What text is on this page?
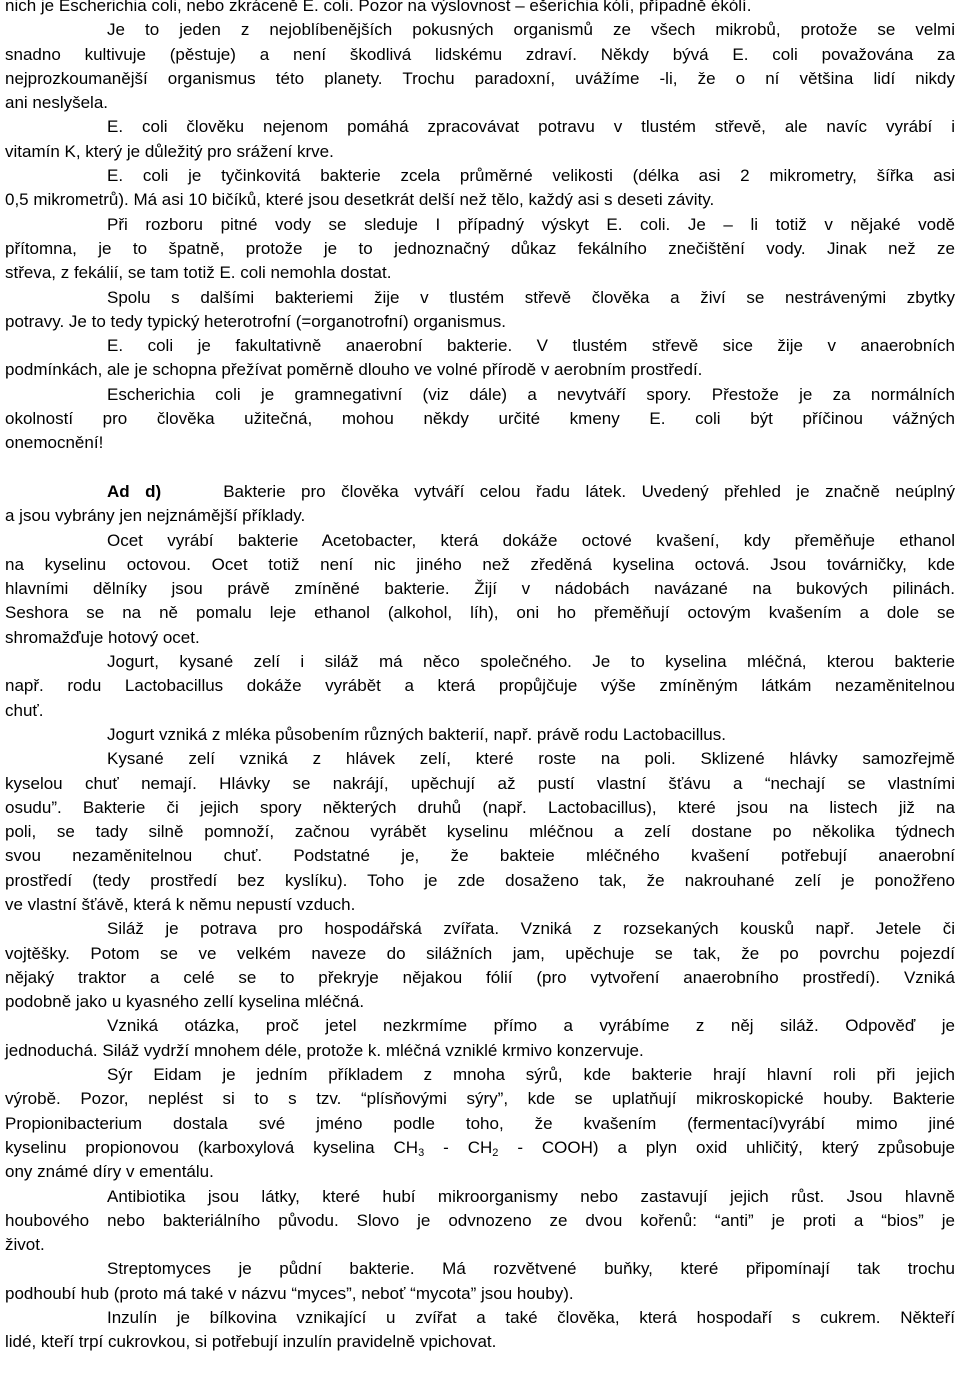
nich je Escherichia coli, nebo zkráceně E. coli. Pozor na výslovnost – ešeríchia kólí, případně ékólí.
Je to jeden z nejoblíbenějších pokusných organismů ze všech mikrobů, protože se velmi
snadno kultivuje (pěstuje) a není škodlivá lidskému zdraví. Někdy bývá E. coli považována za
nejprozkoumanější organismus této planety. Trochu paradoxní, uvážíme -li, že o ní většina lidí nikdy
ani neslyšela.
E. coli člověku nejenom pomáhá zpracovávat potravu v tlustém střevě, ale navíc vyrábí i
vitamín K, který je důležitý pro srážení krve.
E. coli je tyčinkovitá bakterie zcela průměrné velikosti (délka asi 2 mikrometry, šířka asi
0,5 mikrometrů). Má asi 10 bičíků, které jsou desetkrát delší než tělo, každý asi s deseti závity.
Při rozboru pitné vody se sleduje I případný výskyt E. coli. Je – li totiž v nějaké vodě
přítomna, je to špatně, protože je to jednoznačný důkaz fekálního znečištění vody. Jinak než ze
střeva, z fekálií, se tam totiž E. coli nemohla dostat.
Spolu s dalšími bakteriemi žije v tlustém střevě člověka a živí se nestrávenými zbytky
potravy. Je to tedy typický heterotrofní (=organotrofní) organismus.
E. coli je fakultativně anaerobní bakterie. V tlustém střevě sice žije v anaerobních
podmínkách, ale je schopna přežívat poměrně dlouho ve volné přírodě v aerobním prostředí.
Escherichia coli je gramnegativní (viz dále) a nevytváří spory. Přestože je za normálních
okolností pro člověka užitečná, mohou někdy určité kmeny E. coli být příčinou vážných
onemocnění!
Ad d)	Bakterie pro člověka vytváří celou řadu látek. Uvedený přehled je značně neúplný
a jsou vybrány jen nejznámější příklady.
Ocet vyrábí bakterie Acetobacter, která dokáže octové kvašení, kdy přeměňuje ethanol
na kyselinu octovou. Ocet totiž není nic jiného než zředěná kyselina octová. Jsou továrničky, kde
hlavními dělníky jsou právě zmíněné bakterie. Žijí v nádobách navázané na bukových pilinách.
Seshora se na ně pomalu leje ethanol (alkohol, líh), oni ho přeměňují octovým kvašením a dole se
shromažďuje hotový ocet.
Jogurt, kysané zelí i siláž má něco společného. Je to kyselina mléčná, kterou bakterie
např. rodu Lactobacillus dokáže vyrábět a která propůjčuje výše zmíněným látkám nezaměnitelnou
chuť.
Jogurt vzniká z mléka působením různých bakterií, např. právě rodu Lactobacillus.
Kysané zelí vzniká z hlávek zelí, které roste na poli. Sklizené hlávky samozřejmě
kyselou chuť nemají. Hlávky se nakrájí, upěchují až pustí vlastní šťávu a “nechají se vlastními
osudu”. Bakterie či jejich spory některých druhů (např. Lactobacillus), které jsou na listech již na
poli, se tady silně pomnoží, začnou vyrábět kyselinu mléčnou a zelí dostane po několika týdnech
svou nezaměnitelnou chuť. Podstatné je, že bakteie mléčného kvašení potřebují anaerobní
prostředí (tedy prostředí bez kyslíku). Toho je zde dosaženo tak, že nakrouhané zelí je ponožřeno
ve vlastní šťávě, která k němu nepustí vzduch.
Siláž je potrava pro hospodářská zvířata. Vzniká z rozsekaných kousků např. Jetele či
vojtěšky. Potom se ve velkém naveze do silážních jam, upěchuje se tak, že po povrchu pojezdí
nějaký traktor a celé se to překryje nějakou fólií (pro vytvoření anaerobního prostředí). Vzniká
podobně jako u kyasného zellí kyselina mléčná.
Vzniká otázka, proč jetel nezkrmíme přímo a vyrábíme z něj siláž. Odpověď je
jednoduchá. Siláž vydrží mnohem déle, protože k. mléčná vzniklé krmivo konzervuje.
Sýr Eidam je jedním příkladem z mnoha sýrů, kde bakterie hrají hlavní roli při jejich
výrobě. Pozor, neplést si to s tzv. “plísňovými sýry”, kde se uplatňují mikroskopické houby. Bakterie
Propionibacterium dostala své jméno podle toho, že kvašením (fermentací)vyrábí mimo jiné
kyselinu propionovou (karboxylová kyselina $CH_3 - CH_2$ - COOH) a plyn oxid uhličitý, který způsobuje
ony známé díry v ementálu.
Antibiotika jsou látky, které hubí mikroorganismy nebo zastavují jejich růst. Jsou hlavně
houbového nebo bakteriálního původu. Slovo je odvnozeno ze dvou kořenů: “anti” je proti a “bios” je
život.
Streptomyces je půdní bakterie. Má rozvětvené buňky, které připomínají tak trochu
podhoubí hub (proto má také v názvu “myces”, neboť “mycota” jsou houby).
Inzulín je bílkovina vznikající u zvířat a také člověka, která hospodaří s cukrem. Někteří
lidé, kteří trpí cukrovkou, si potřebují inzulín pravidelně vpichovat.
